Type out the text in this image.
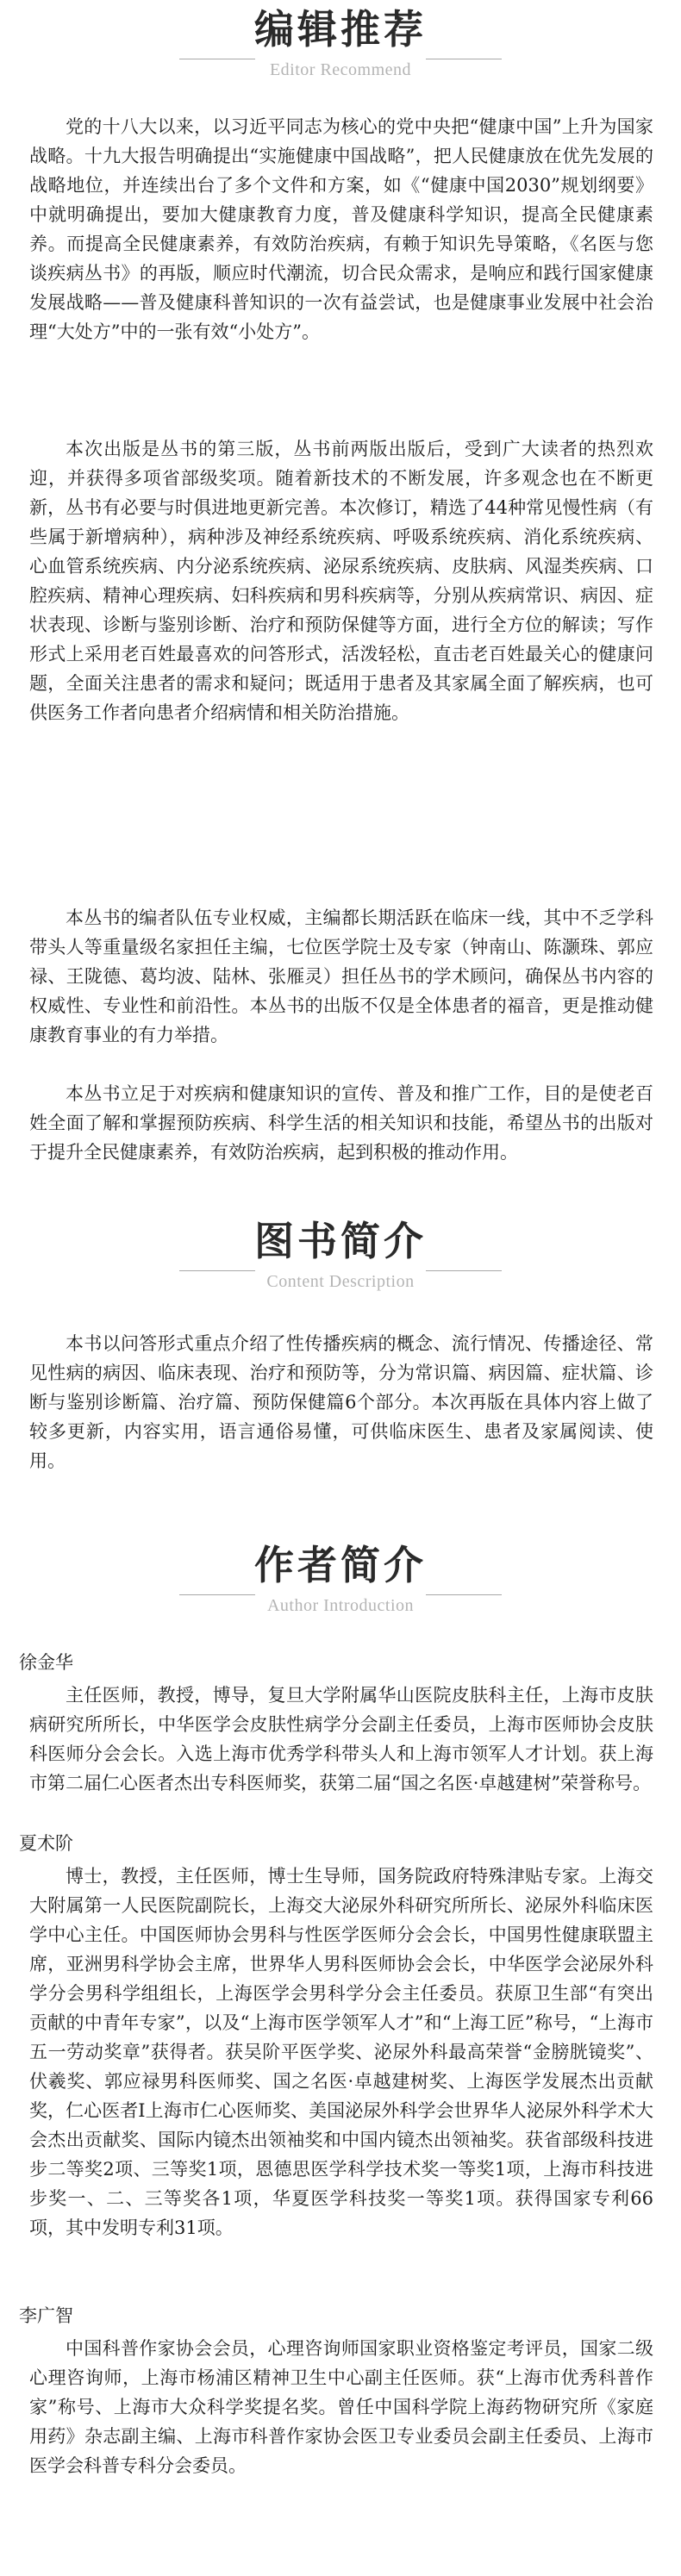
编辑推荐
Editor Recommend

党的十八大以来，以习近平同志为核心的党中央把“健康中国”上升为国家战略。十九大报告明确提出“实施健康中国战略”，把人民健康放在优先发展的战略地位，并连续出台了多个文件和方案，如《“健康中国2030”规划纲要》中就明确提出，要加大健康教育力度，普及健康科学知识，提高全民健康素养。而提高全民健康素养，有效防治疾病，有赖于知识先导策略，《名医与您谈疾病丛书》的再版，顺应时代潮流，切合民众需求，是响应和践行国家健康发展战略——普及健康科普知识的一次有益尝试，也是健康事业发展中社会治理“大处方”中的一张有效“小处方”。

本次出版是丛书的第三版，丛书前两版出版后，受到广大读者的热烈欢迎，并获得多项省部级奖项。随着新技术的不断发展，许多观念也在不断更新，丛书有必要与时俱进地更新完善。本次修订，精选了44种常见慢性病（有些属于新增病种），病种涉及神经系统疾病、呼吸系统疾病、消化系统疾病、心血管系统疾病、内分泌系统疾病、泌尿系统疾病、皮肤病、风湿类疾病、口腔疾病、精神心理疾病、妇科疾病和男科疾病等，分别从疾病常识、病因、症状表现、诊断与鉴别诊断、治疗和预防保健等方面，进行全方位的解读；写作形式上采用老百姓最喜欢的问答形式，活泼轻松，直击老百姓最关心的健康问题，全面关注患者的需求和疑问；既适用于患者及其家属全面了解疾病，也可供医务工作者向患者介绍病情和相关防治措施。

本丛书的编者队伍专业权威，主编都长期活跃在临床一线，其中不乏学科带头人等重量级名家担任主编，七位医学院士及专家（钟南山、陈灏珠、郭应禄、王陇德、葛均波、陆林、张雁灵）担任丛书的学术顾问，确保丛书内容的权威性、专业性和前沿性。本丛书的出版不仅是全体患者的福音，更是推动健康教育事业的有力举措。

本丛书立足于对疾病和健康知识的宣传、普及和推广工作，目的是使老百姓全面了解和掌握预防疾病、科学生活的相关知识和技能，希望丛书的出版对于提升全民健康素养，有效防治疾病，起到积极的推动作用。

图书简介
Content Description

本书以问答形式重点介绍了性传播疾病的概念、流行情况、传播途径、常见性病的病因、临床表现、治疗和预防等，分为常识篇、病因篇、症状篇、诊断与鉴别诊断篇、治疗篇、预防保健篇6个部分。本次再版在具体内容上做了较多更新，内容实用，语言通俗易懂，可供临床医生、患者及家属阅读、使用。

作者简介
Author Introduction

徐金华

主任医师，教授，博导，复旦大学附属华山医院皮肤科主任，上海市皮肤病研究所所长，中华医学会皮肤性病学分会副主任委员，上海市医师协会皮肤科医师分会会长。入选上海市优秀学科带头人和上海市领军人才计划。获上海市第二届仁心医者杰出专科医师奖，获第二届“国之名医·卓越建树”荣誉称号。

夏术阶

博士，教授，主任医师，博士生导师，国务院政府特殊津贴专家。上海交大附属第一人民医院副院长，上海交大泌尿外科研究所所长、泌尿外科临床医学中心主任。中国医师协会男科与性医学医师分会会长，中国男性健康联盟主席，亚洲男科学协会主席，世界华人男科医师协会会长，中华医学会泌尿外科学分会男科学组组长，上海医学会男科学分会主任委员。获原卫生部“有突出贡献的中青年专家”，以及“上海市医学领军人才”和“上海工匠”称号，“上海市五一劳动奖章”获得者。获吴阶平医学奖、泌尿外科最高荣誉“金膀胱镜奖”、伏羲奖、郭应禄男科医师奖、国之名医·卓越建树奖、上海医学发展杰出贡献奖，仁心医者I上海市仁心医师奖、美国泌尿外科学会世界华人泌尿外科学术大会杰出贡献奖、国际内镜杰出领袖奖和中国内镜杰出领袖奖。获省部级科技进步二等奖2项、三等奖1项，恩德思医学科学技术奖一等奖1项，上海市科技进步奖一、二、三等奖各1项，华夏医学科技奖一等奖1项。获得国家专利66项，其中发明专利31项。

李广智

中国科普作家协会会员，心理咨询师国家职业资格鉴定考评员，国家二级心理咨询师，上海市杨浦区精神卫生中心副主任医师。获“上海市优秀科普作家”称号、上海市大众科学奖提名奖。曾任中国科学院上海药物研究所《家庭用药》杂志副主编、上海市科普作家协会医卫专业委员会副主任委员、上海市医学会科普专科分会委员。
